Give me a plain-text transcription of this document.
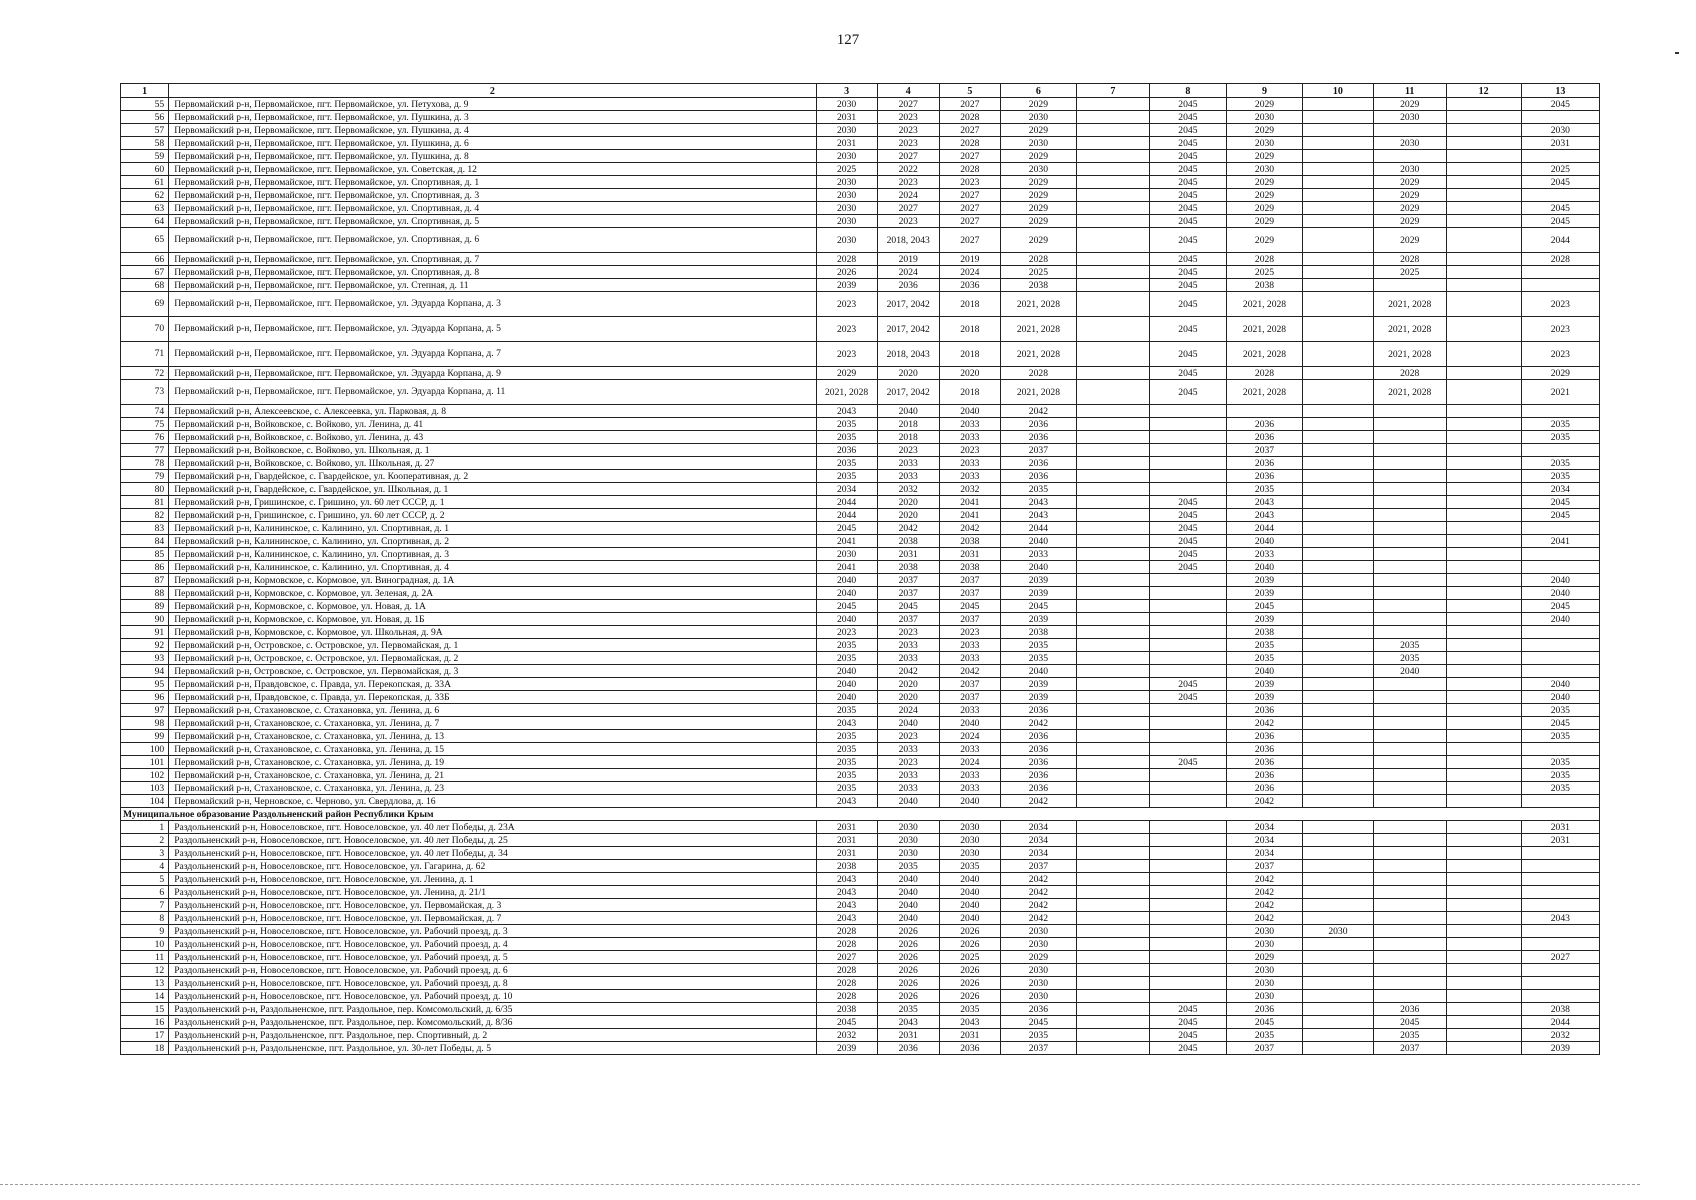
127
1	2	3	4	5	6	7	8	9	10	11	12	13
55	Первомайский р-н, Первомайское, пгт. Первомайское, ул. Петухова, д. 9	2030	2027	2027	2029		2045	2029		2029		2045
56	Первомайский р-н, Первомайское, пгт. Первомайское, ул. Пушкина, д. 3	2031	2023	2028	2030		2045	2030		2030		
57	Первомайский р-н, Первомайское, пгт. Первомайское, ул. Пушкина, д. 4	2030	2023	2027	2029		2045	2029				2030
58	Первомайский р-н, Первомайское, пгт. Первомайское, ул. Пушкина, д. 6	2031	2023	2028	2030		2045	2030		2030		2031
59	Первомайский р-н, Первомайское, пгт. Первомайское, ул. Пушкина, д. 8	2030	2027	2027	2029		2045	2029				
60	Первомайский р-н, Первомайское, пгт. Первомайское, ул. Советская, д. 12	2025	2022	2028	2030		2045	2030		2030		2025
61	Первомайский р-н, Первомайское, пгт. Первомайское, ул. Спортивная, д. 1	2030	2023	2023	2029		2045	2029		2029		2045
62	Первомайский р-н, Первомайское, пгт. Первомайское, ул. Спортивная, д. 3	2030	2024	2027	2029		2045	2029		2029		
63	Первомайский р-н, Первомайское, пгт. Первомайское, ул. Спортивная, д. 4	2030	2027	2027	2029		2045	2029		2029		2045
64	Первомайский р-н, Первомайское, пгт. Первомайское, ул. Спортивная, д. 5	2030	2023	2027	2029		2045	2029		2029		2045
65	Первомайский р-н, Первомайское, пгт. Первомайское, ул. Спортивная, д. 6	2030	2018, 2043	2027	2029		2045	2029		2029		2044
66	Первомайский р-н, Первомайское, пгт. Первомайское, ул. Спортивная, д. 7	2028	2019	2019	2028		2045	2028		2028		2028
67	Первомайский р-н, Первомайское, пгт. Первомайское, ул. Спортивная, д. 8	2026	2024	2024	2025		2045	2025		2025		
68	Первомайский р-н, Первомайское, пгт. Первомайское, ул. Степная, д. 11	2039	2036	2036	2038		2045	2038				
69	Первомайский р-н, Первомайское, пгт. Первомайское, ул. Эдуарда Корпана, д. 3	2023	2017, 2042	2018	2021, 2028		2045	2021, 2028		2021, 2028		2023
70	Первомайский р-н, Первомайское, пгт. Первомайское, ул. Эдуарда Корпана, д. 5	2023	2017, 2042	2018	2021, 2028		2045	2021, 2028		2021, 2028		2023
71	Первомайский р-н, Первомайское, пгт. Первомайское, ул. Эдуарда Корпана, д. 7	2023	2018, 2043	2018	2021, 2028		2045	2021, 2028		2021, 2028		2023
72	Первомайский р-н, Первомайское, пгт. Первомайское, ул. Эдуарда Корпана, д. 9	2029	2020	2020	2028		2045	2028		2028		2029
73	Первомайский р-н, Первомайское, пгт. Первомайское, ул. Эдуарда Корпана, д. 11	2021, 2028	2017, 2042	2018	2021, 2028		2045	2021, 2028		2021, 2028		2021
74	Первомайский р-н, Алексеевское, с. Алексеевка, ул. Парковая, д. 8	2043	2040	2040	2042							
75	Первомайский р-н, Войковское, с. Войково, ул. Ленина, д. 41	2035	2018	2033	2036			2036				2035
76	Первомайский р-н, Войковское, с. Войково, ул. Ленина, д. 43	2035	2018	2033	2036			2036				2035
77	Первомайский р-н, Войковское, с. Войково, ул. Школьная, д. 1	2036	2023	2023	2037			2037				
78	Первомайский р-н, Войковское, с. Войково, ул. Школьная, д. 27	2035	2033	2033	2036			2036				2035
79	Первомайский р-н, Гвардейское, с. Гвардейское, ул. Кооперативная, д. 2	2035	2033	2033	2036			2036				2035
80	Первомайский р-н, Гвардейское, с. Гвардейское, ул. Школьная, д. 1	2034	2032	2032	2035			2035				2034
81	Первомайский р-н, Гришинское, с. Гришино, ул. 60 лет СССР, д. 1	2044	2020	2041	2043		2045	2043				2045
82	Первомайский р-н, Гришинское, с. Гришино, ул. 60 лет СССР, д. 2	2044	2020	2041	2043		2045	2043				2045
83	Первомайский р-н, Калининское, с. Калинино, ул. Спортивная, д. 1	2045	2042	2042	2044		2045	2044				
84	Первомайский р-н, Калининское, с. Калинино, ул. Спортивная, д. 2	2041	2038	2038	2040		2045	2040				2041
85	Первомайский р-н, Калининское, с. Калинино, ул. Спортивная, д. 3	2030	2031	2031	2033		2045	2033				
86	Первомайский р-н, Калининское, с. Калинино, ул. Спортивная, д. 4	2041	2038	2038	2040		2045	2040				
87	Первомайский р-н, Кормовское, с. Кормовое, ул. Виноградная, д. 1А	2040	2037	2037	2039			2039				2040
88	Первомайский р-н, Кормовское, с. Кормовое, ул. Зеленая, д. 2А	2040	2037	2037	2039			2039				2040
89	Первомайский р-н, Кормовское, с. Кормовое, ул. Новая, д. 1А	2045	2045	2045	2045			2045				2045
90	Первомайский р-н, Кормовское, с. Кормовое, ул. Новая, д. 1Б	2040	2037	2037	2039			2039				2040
91	Первомайский р-н, Кормовское, с. Кормовое, ул. Школьная, д. 9А	2023	2023	2023	2038			2038				
92	Первомайский р-н, Островское, с. Островское, ул. Первомайская, д. 1	2035	2033	2033	2035			2035		2035		
93	Первомайский р-н, Островское, с. Островское, ул. Первомайская, д. 2	2035	2033	2033	2035			2035		2035		
94	Первомайский р-н, Островское, с. Островское, ул. Первомайская, д. 3	2040	2042	2042	2040			2040		2040		
95	Первомайский р-н, Правдовское, с. Правда, ул. Перекопская, д. 33А	2040	2020	2037	2039		2045	2039				2040
96	Первомайский р-н, Правдовское, с. Правда, ул. Перекопская, д. 33Б	2040	2020	2037	2039		2045	2039				2040
97	Первомайский р-н, Стахановское, с. Стахановка, ул. Ленина, д. 6	2035	2024	2033	2036			2036				2035
98	Первомайский р-н, Стахановское, с. Стахановка, ул. Ленина, д. 7	2043	2040	2040	2042			2042				2045
99	Первомайский р-н, Стахановское, с. Стахановка, ул. Ленина, д. 13	2035	2023	2024	2036			2036				2035
100	Первомайский р-н, Стахановское, с. Стахановка, ул. Ленина, д. 15	2035	2033	2033	2036			2036				
101	Первомайский р-н, Стахановское, с. Стахановка, ул. Ленина, д. 19	2035	2023	2024	2036		2045	2036				2035
102	Первомайский р-н, Стахановское, с. Стахановка, ул. Ленина, д. 21	2035	2033	2033	2036			2036				2035
103	Первомайский р-н, Стахановское, с. Стахановка, ул. Ленина, д. 23	2035	2033	2033	2036			2036				2035
104	Первомайский р-н, Черновское, с. Черново, ул. Свердлова, д. 16	2043	2040	2040	2042			2042				
Муниципальное образование Раздольненский район Республики Крым												
1	Раздольненский р-н, Новоселовское, пгт. Новоселовское, ул. 40 лет Победы, д. 23А	2031	2030	2030	2034			2034				2031
2	Раздольненский р-н, Новоселовское, пгт. Новоселовское, ул. 40 лет Победы, д. 25	2031	2030	2030	2034			2034				2031
3	Раздольненский р-н, Новоселовское, пгт. Новоселовское, ул. 40 лет Победы, д. 34	2031	2030	2030	2034			2034				
4	Раздольненский р-н, Новоселовское, пгт. Новоселовское, ул. Гагарина, д. 62	2038	2035	2035	2037			2037				
5	Раздольненский р-н, Новоселовское, пгт. Новоселовское, ул. Ленина, д. 1	2043	2040	2040	2042			2042				
6	Раздольненский р-н, Новоселовское, пгт. Новоселовское, ул. Ленина, д. 21/1	2043	2040	2040	2042			2042				
7	Раздольненский р-н, Новоселовское, пгт. Новоселовское, ул. Первомайская, д. 3	2043	2040	2040	2042			2042				
8	Раздольненский р-н, Новоселовское, пгт. Новоселовское, ул. Первомайская, д. 7	2043	2040	2040	2042			2042				2043
9	Раздольненский р-н, Новоселовское, пгт. Новоселовское, ул. Рабочий проезд, д. 3	2028	2026	2026	2030			2030	2030			
10	Раздольненский р-н, Новоселовское, пгт. Новоселовское, ул. Рабочий проезд, д. 4	2028	2026	2026	2030			2030				
11	Раздольненский р-н, Новоселовское, пгт. Новоселовское, ул. Рабочий проезд, д. 5	2027	2026	2025	2029			2029				2027
12	Раздольненский р-н, Новоселовское, пгт. Новоселовское, ул. Рабочий проезд, д. 6	2028	2026	2026	2030			2030				
13	Раздольненский р-н, Новоселовское, пгт. Новоселовское, ул. Рабочий проезд, д. 8	2028	2026	2026	2030			2030				
14	Раздольненский р-н, Новоселовское, пгт. Новоселовское, ул. Рабочий проезд, д. 10	2028	2026	2026	2030			2030				
15	Раздольненский р-н, Раздольненское, пгт. Раздольное, пер. Комсомольский, д. 6/35	2038	2035	2035	2036		2045	2036		2036		2038
16	Раздольненский р-н, Раздольненское, пгт. Раздольное, пер. Комсомольский, д. 8/36	2045	2043	2043	2045		2045	2045		2045		2044
17	Раздольненский р-н, Раздольненское, пгт. Раздольное, пер. Спортивный, д. 2	2032	2031	2031	2035		2045	2035		2035		2032
18	Раздольненский р-н, Раздольненское, пгт. Раздольное, ул. 30-лет Победы, д. 5	2039	2036	2036	2037		2045	2037		2037		2039
